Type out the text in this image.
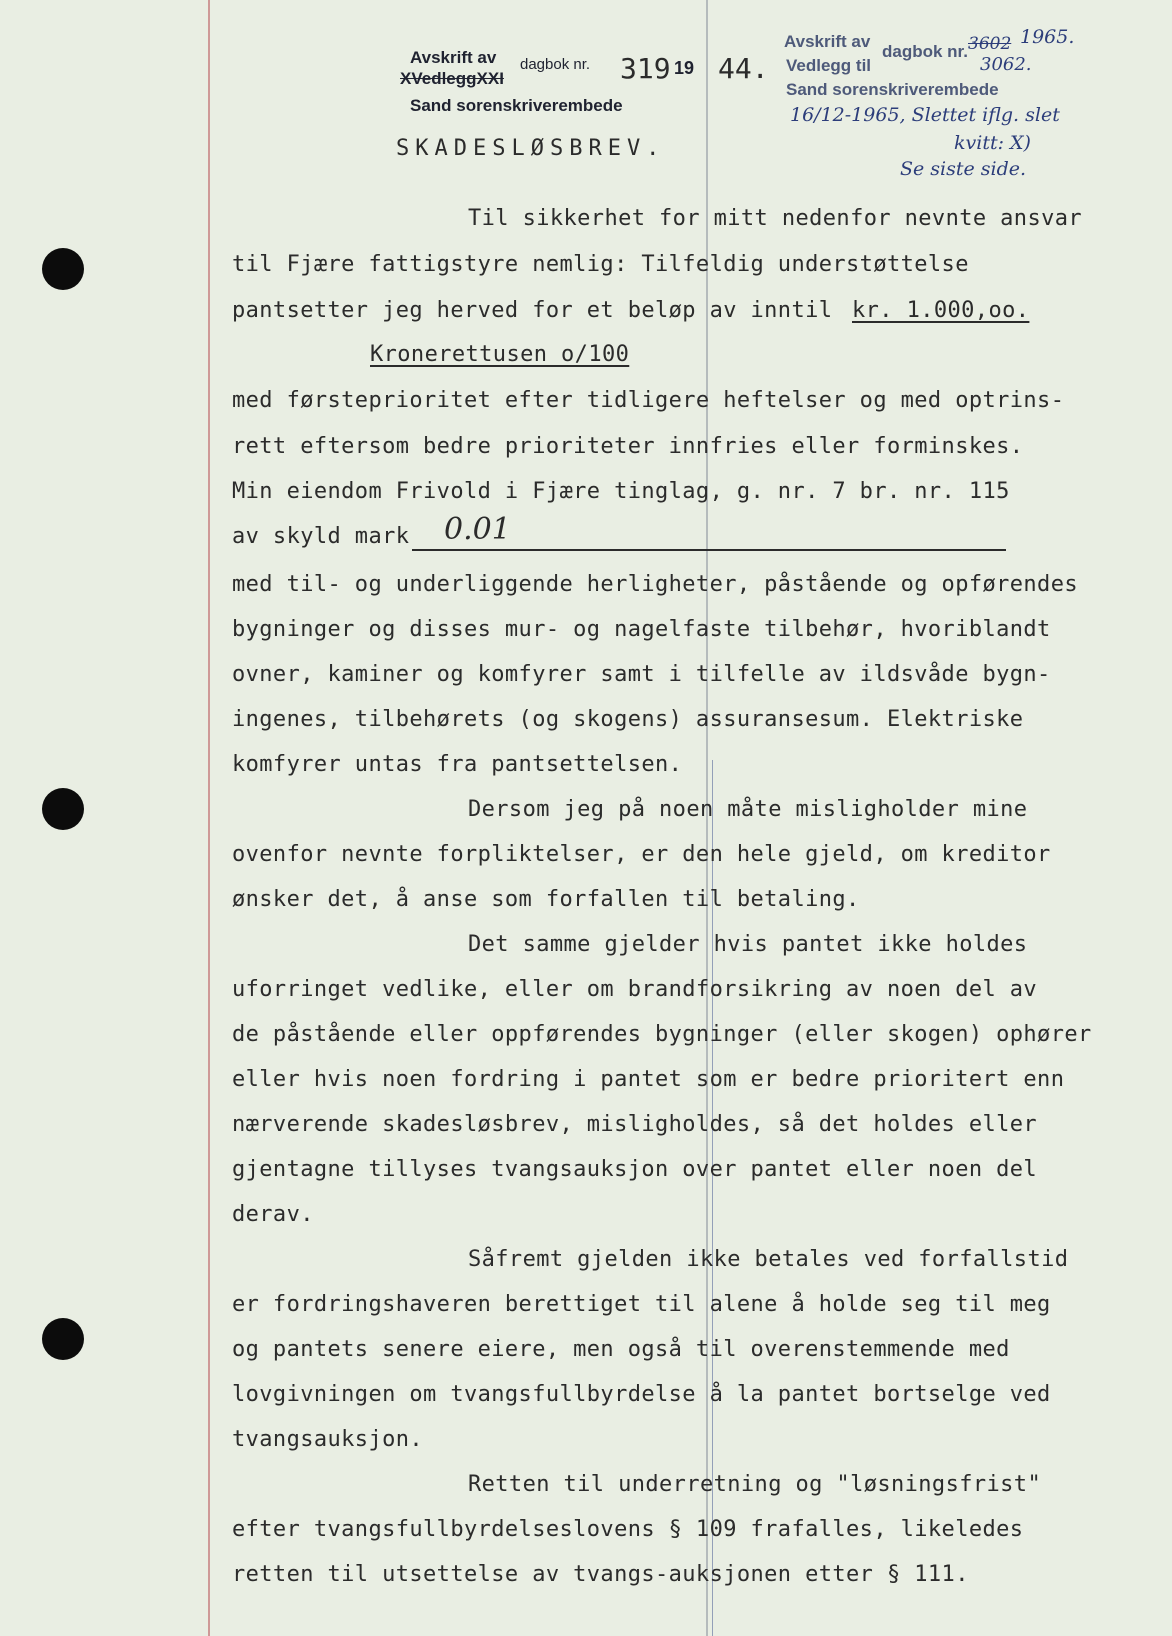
Avskrift av dagbok nr.
XVedleggXXI	319 19 44.
Sand sorenskriverembede
Avskrift av
dagbok nr. 3602 1965.
Vedlegg til	3062.
Sand sorenskriverembede
16/12-1965, Slettet iflg. slet
kvitt: X)
Se siste side.
SKADESLØSBREV.
Til sikkerhet for mitt nedenfor nevnte ansvar
til Fjære fattigstyre nemlig: Tilfeldig understøttelse
pantsetter jeg herved for et beløp av inntil kr. 1.000,oo.
Kronerettusen o/100
med førsteprioritet efter tidligere heftelser og med optrins-
rett eftersom bedre prioriteter innfries eller forminskes.
Min eiendom Frivold i Fjære tinglag, g. nr. 7 br. nr. 115
av skyld mark 0.01
med til- og underliggende herligheter, påstående og opførendes
bygninger og disses mur- og nagelfaste tilbehør, hvoriblandt
ovner, kaminer og komfyrer samt i tilfelle av ildsvåde bygn-
ingenes, tilbehørets (og skogens) assuransesum. Elektriske
komfyrer untas fra pantsettelsen.
Dersom jeg på noen måte misligholder mine
ovenfor nevnte forpliktelser, er den hele gjeld, om kreditor
ønsker det, å anse som forfallen til betaling.
Det samme gjelder hvis pantet ikke holdes
uforringet vedlike, eller om brandforsikring av noen del av
de påstående eller oppførendes bygninger (eller skogen) ophører
eller hvis noen fordring i pantet som er bedre prioritert enn
nærverende skadesløsbrev, misligholdes, så det holdes eller
gjentagne tillyses tvangsauksjon over pantet eller noen del
derav.
Såfremt gjelden ikke betales ved forfallstid
er fordringshaveren berettiget til alene å holde seg til meg
og pantets senere eiere, men også til overenstemmende med
lovgivningen om tvangsfullbyrdelse å la pantet bortselge ved
tvangsauksjon.
Retten til underretning og "løsningsfrist"
efter tvangsfullbyrdelseslovens § 109 frafalles, likeledes
retten til utsettelse av tvangs-auksjonen etter § 111.
